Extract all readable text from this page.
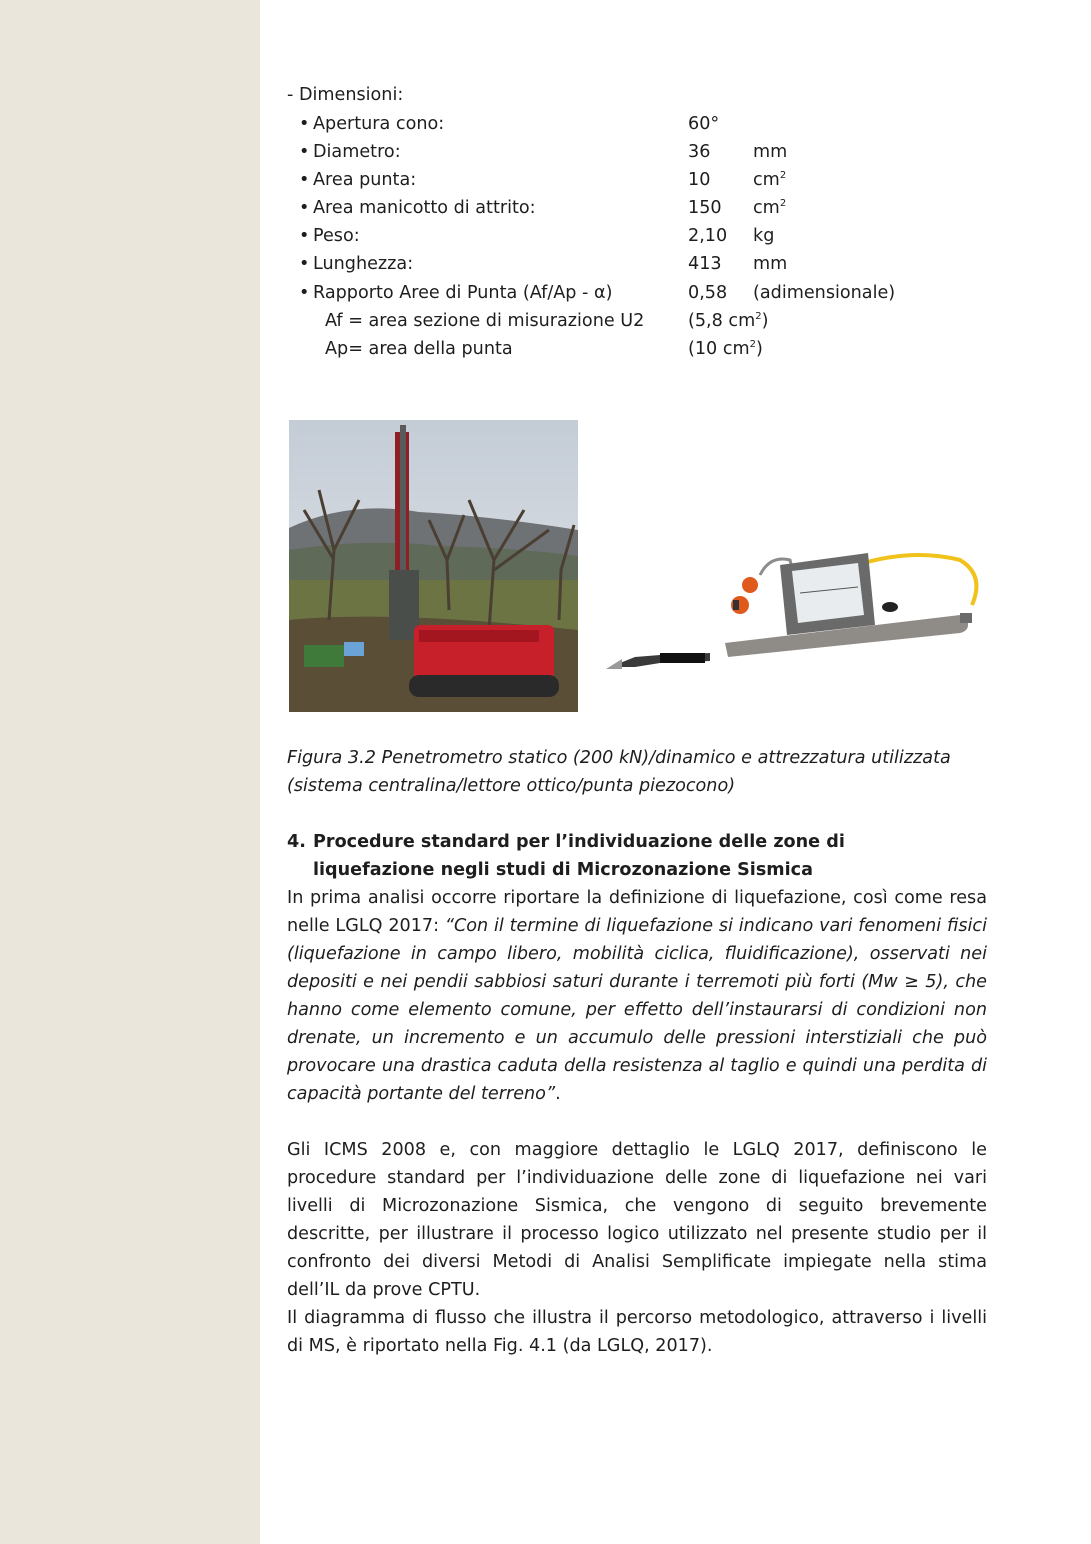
- Dimensioni:
• Apertura cono:	60°
• Diametro:	36 mm
• Area punta:	10 $cm^2$
• Area manicotto di attrito:	150 $cm^2$
• Peso:	2,10 kg
• Lunghezza:	413 mm
• Rapporto Aree di Punta (Af/Ap - α)	0,58 (adimensionale)
Af = area sezione di misurazione U2 (5,8 $cm^2$)
Ap= area della punta	(10 $cm^2$)
Figura 3.2 Penetrometro statico (200 kN)/dinamico e attrezzatura utilizzata
(sistema centralina/lettore ottico/punta piezocono)
4. Procedure standard per l’individuazione delle zone di
liquefazione negli studi di Microzonazione Sismica
In prima analisi occorre riportare la definizione di liquefazione, così come resa nelle LGLQ 2017: “Con il termine di liquefazione si indicano vari fenomeni fisici (liquefazione in campo libero, mobilità ciclica, fluidificazione), osservati nei depositi e nei pendii sabbiosi saturi durante i terremoti più forti (Mw ≥ 5), che hanno come elemento comune, per effetto dell’instaurarsi di condizioni non drenate, un incremento e un accumulo delle pressioni interstiziali che può provocare una drastica caduta della resistenza al taglio e quindi una perdita di capacità portante del terreno”.
Gli ICMS 2008 e, con maggiore dettaglio le LGLQ 2017, definiscono le procedure standard per l’individuazione delle zone di liquefazione nei vari livelli di Microzonazione Sismica, che vengono di seguito brevemente descritte, per illustrare il processo logico utilizzato nel presente studio per il confronto dei diversi Metodi di Analisi Semplificate impiegate nella stima dell’IL da prove CPTU.
Il diagramma di flusso che illustra il percorso metodologico, attraverso i livelli di MS, è riportato nella Fig. 4.1 (da LGLQ, 2017).
